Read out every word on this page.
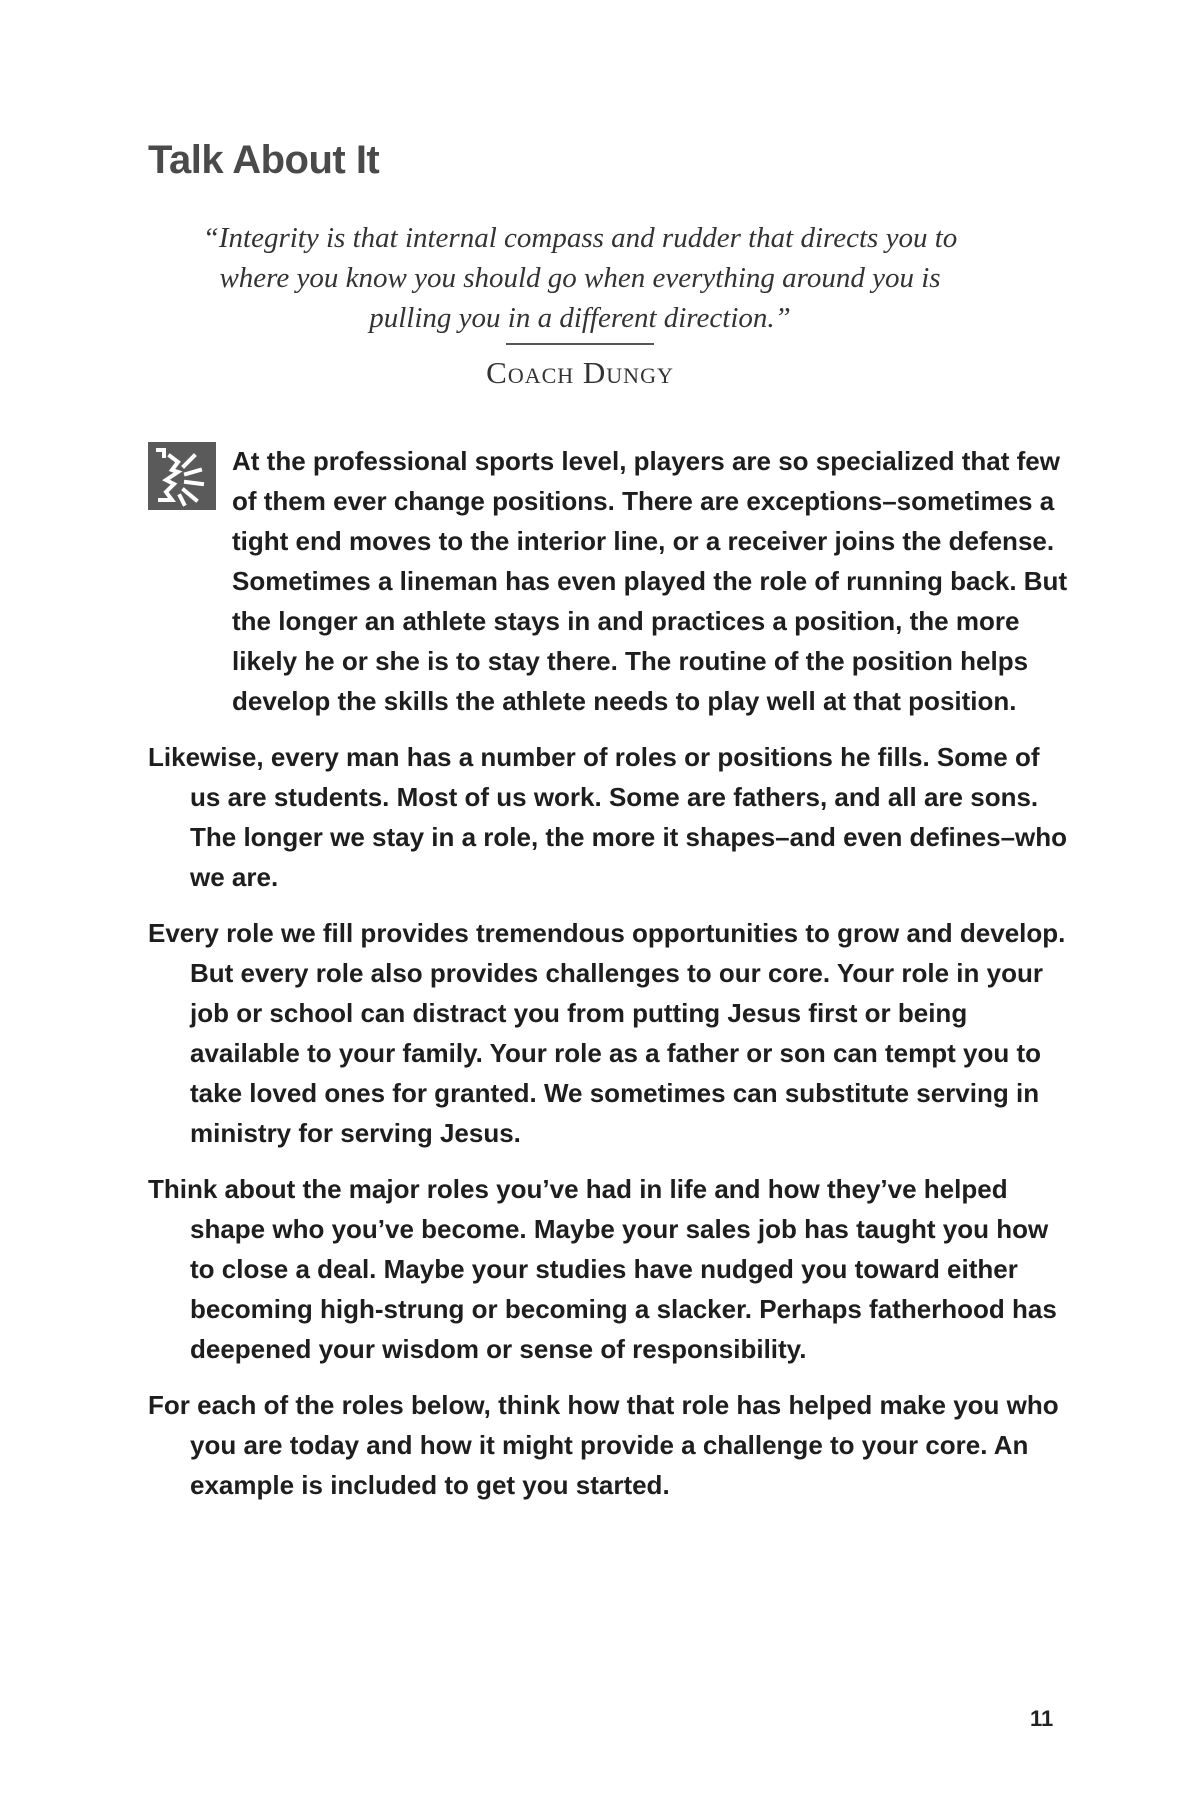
Talk About It
“Integrity is that internal compass and rudder that directs you to where you know you should go when everything around you is pulling you in a different direction.”
Coach Dungy

At the professional sports level, players are so specialized that few of them ever change positions. There are exceptions–sometimes a tight end moves to the interior line, or a receiver joins the defense. Sometimes a lineman has even played the role of running back. But the longer an athlete stays in and practices a position, the more likely he or she is to stay there. The routine of the position helps develop the skills the athlete needs to play well at that position.

Likewise, every man has a number of roles or positions he fills. Some of us are students. Most of us work. Some are fathers, and all are sons. The longer we stay in a role, the more it shapes–and even defines–who we are.

Every role we fill provides tremendous opportunities to grow and develop. But every role also provides challenges to our core. Your role in your job or school can distract you from putting Jesus first or being available to your family. Your role as a father or son can tempt you to take loved ones for granted. We sometimes can substitute serving in ministry for serving Jesus.

Think about the major roles you’ve had in life and how they’ve helped shape who you’ve become. Maybe your sales job has taught you how to close a deal. Maybe your studies have nudged you toward either becoming high-strung or becoming a slacker. Perhaps fatherhood has deepened your wisdom or sense of responsibility.

For each of the roles below, think how that role has helped make you who you are today and how it might provide a challenge to your core. An example is included to get you started.

11
